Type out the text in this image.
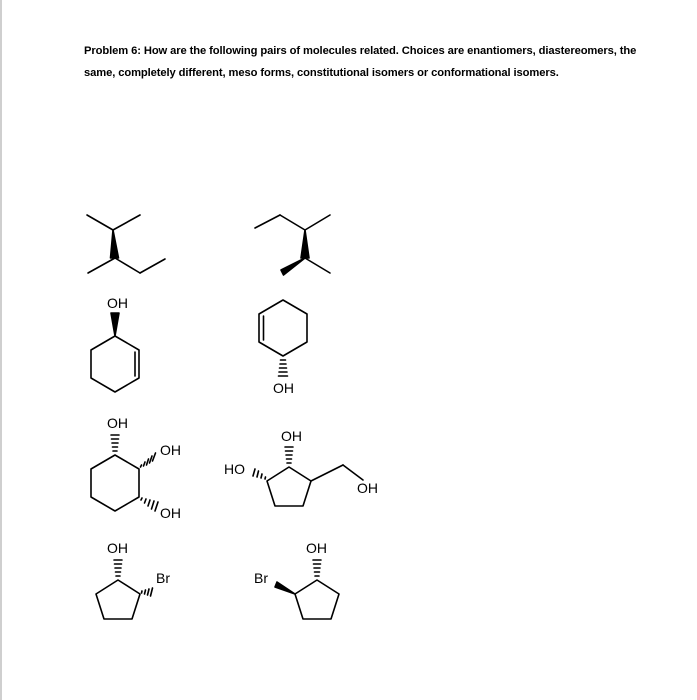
Problem 6: How are the following pairs of molecules related. Choices are enantiomers, diastereomers, the same, completely different, meso forms, constitutional isomers or conformational isomers.
OH
OH
OH
OH
OH
OH
HO
OH
OH
Br
OH
Br
